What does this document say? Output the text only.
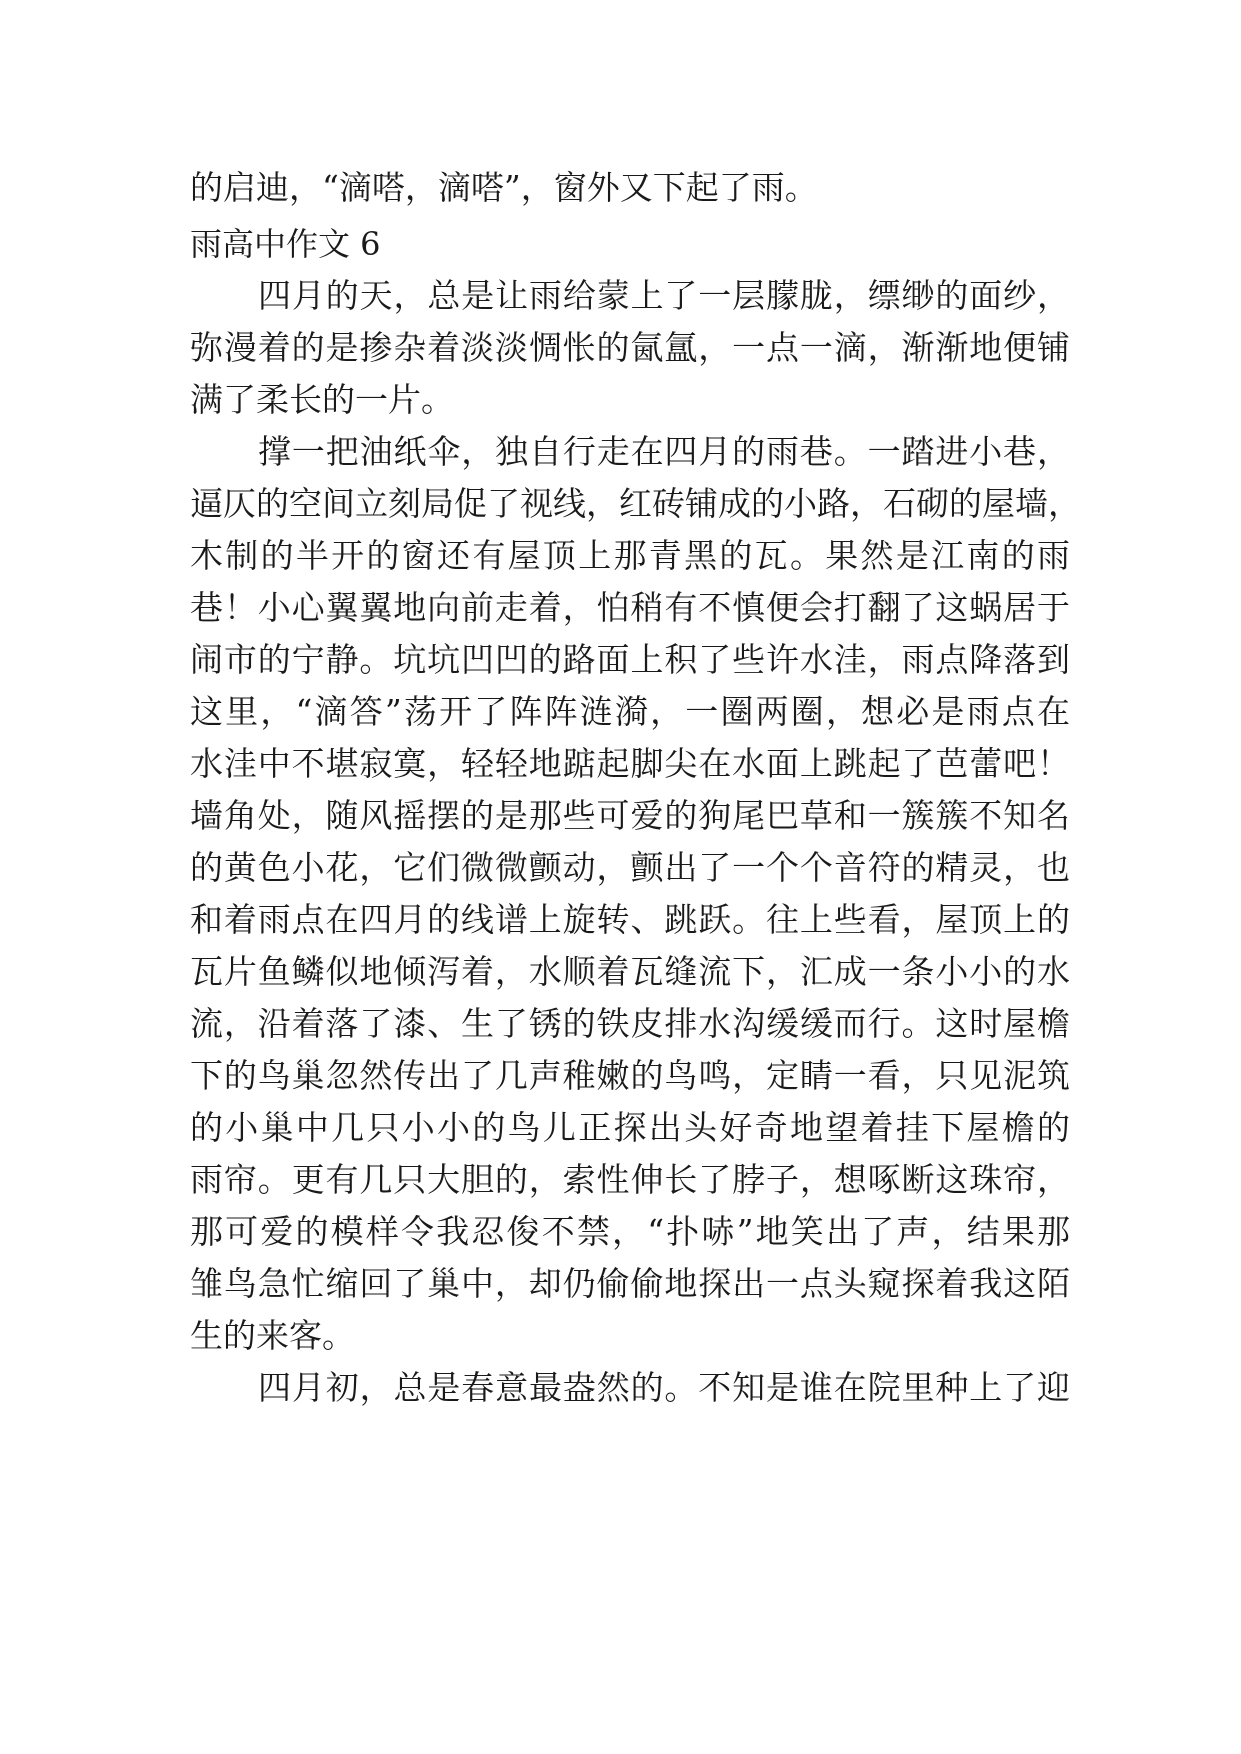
的启迪，“滴嗒，滴嗒”，窗外又下起了雨。
雨高中作文 6
四月的天，总是让雨给蒙上了一层朦胧，缥缈的面纱，
弥漫着的是掺杂着淡淡惆怅的氤氲，一点一滴，渐渐地便铺
满了柔长的一片。
撑一把油纸伞，独自行走在四月的雨巷。一踏进小巷，
逼仄的空间立刻局促了视线，红砖铺成的小路，石砌的屋墙，
木制的半开的窗还有屋顶上那青黑的瓦。果然是江南的雨
巷！小心翼翼地向前走着，怕稍有不慎便会打翻了这蜗居于
闹市的宁静。坑坑凹凹的路面上积了些许水洼，雨点降落到
这里，“滴答”荡开了阵阵涟漪，一圈两圈，想必是雨点在
水洼中不堪寂寞，轻轻地踮起脚尖在水面上跳起了芭蕾吧！
墙角处，随风摇摆的是那些可爱的狗尾巴草和一簇簇不知名
的黄色小花，它们微微颤动，颤出了一个个音符的精灵，也
和着雨点在四月的线谱上旋转、跳跃。往上些看，屋顶上的
瓦片鱼鳞似地倾泻着，水顺着瓦缝流下，汇成一条小小的水
流，沿着落了漆、生了锈的铁皮排水沟缓缓而行。这时屋檐
下的鸟巢忽然传出了几声稚嫩的鸟鸣，定睛一看，只见泥筑
的小巢中几只小小的鸟儿正探出头好奇地望着挂下屋檐的
雨帘。更有几只大胆的，索性伸长了脖子，想啄断这珠帘，
那可爱的模样令我忍俊不禁，“扑哧”地笑出了声，结果那
雏鸟急忙缩回了巢中，却仍偷偷地探出一点头窥探着我这陌
生的来客。
四月初，总是春意最盎然的。不知是谁在院里种上了迎
